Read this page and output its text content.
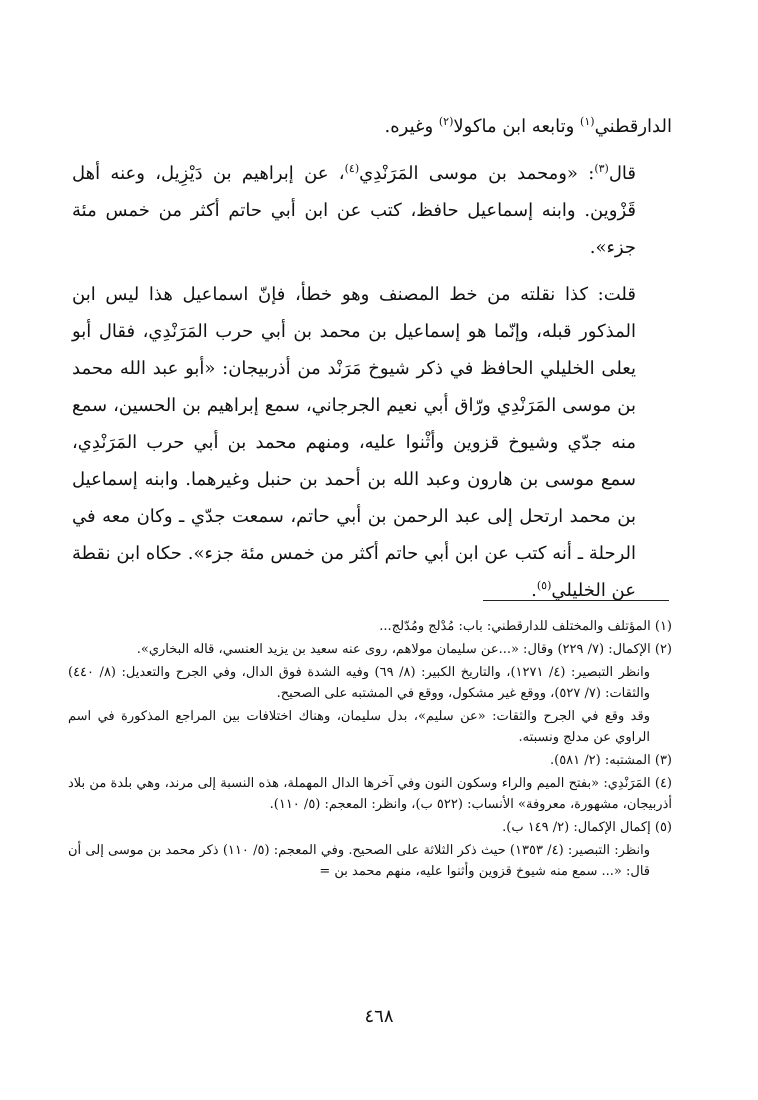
الدارقطني$^{(١)}$ وتابعه ابن ماكولا$^{(٢)}$ وغيره.

قال$^{(٣)}$: «ومحمد بن موسى المَرَنْدِي$^{(٤)}$، عن إبراهيم بن دَيْزِيل، وعنه أهل قَزْوين. وابنه إسماعيل حافظ، كتب عن ابن أبي حاتم أكثر من خمس مئة جزء».

قلت: كذا نقلته من خط المصنف وهو خطأ، فإنّ اسماعيل هذا ليس ابن المذكور قبله، وإنّما هو إسماعيل بن محمد بن أبي حرب المَرَنْدِي، فقال أبو يعلى الخليلي الحافظ في ذكر شيوخ مَرَنْد من أذربيجان: «أبو عبد الله محمد بن موسى المَرَنْدِي ورّاق أبي نعيم الجرجاني، سمع إبراهيم بن الحسين، سمع منه جدّي وشيوخ قزوين وأثْنوا عليه، ومنهم محمد بن أبي حرب المَرَنْدِي، سمع موسى بن هارون وعبد الله بن أحمد بن حنبل وغيرهما. وابنه إسماعيل بن محمد ارتحل إلى عبد الرحمن بن أبي حاتم، سمعت جدّي ـ وكان معه في الرحلة ـ أنه كتب عن ابن أبي حاتم أكثر من خمس مئة جزء». حكاه ابن نقطة عن الخليلي$^{(٥)}$.

(١) المؤتلف والمختلف للدارقطني: باب: مُدْلج ومُدّلج...

(٢) الإكمال: (٧/ ٢٢٩) وقال: «...عن سليمان مولاهم، روى عنه سعيد بن يزيد العنسي، قاله البخاري».

وانظر التبصير: (٤/ ١٢٧١)، والتاريخ الكبير: (٨/ ٦٩) وفيه الشدة فوق الدال، وفي الجرح والتعديل: (٨/ ٤٤٠) والثقات: (٧/ ٥٢٧)، ووقع غير مشكول، ووقع في المشتبه على الصحيح.

وقد وقع في الجرح والثقات: «عن سليم»، بدل سليمان، وهناك اختلافات بين المراجع المذكورة في اسم الراوي عن مدلج ونسبته.

(٣) المشتبه: (٢/ ٥٨١).

(٤) المَرَنْدِي: «بفتح الميم والراء وسكون النون وفي آخرها الدال المهملة، هذه النسبة إلى مرند، وهي بلدة من بلاد أذربيجان، مشهورة، معروفة» الأنساب: (٥٢٢ ب)، وانظر: المعجم: (٥/ ١١٠).

(٥) إكمال الإكمال: (٢/ ١٤٩ ب).

وانظر: التبصير: (٤/ ١٣٥٣) حيث ذكر الثلاثة على الصحيح. وفي المعجم: (٥/ ١١٠) ذكر محمد بن موسى إلى أن قال: «... سمع منه شيوخ قزوين وأثنوا عليه، منهم محمد بن =

٤٦٨
